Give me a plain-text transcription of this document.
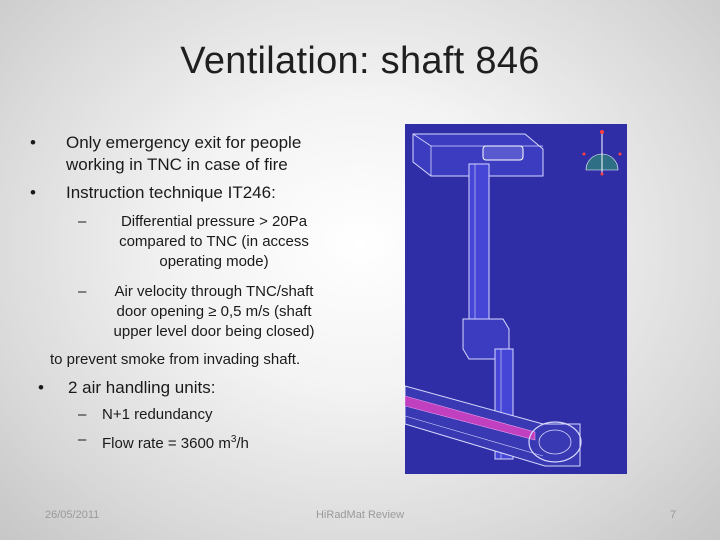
Ventilation: shaft 846
•	Only emergency exit for people working in TNC in case of fire
•	Instruction technique IT246:
–	Differential pressure > 20Pa compared to TNC (in access operating mode)
–	Air velocity through TNC/shaft door opening ≥ 0,5 m/s (shaft upper level door being closed)
to prevent smoke from invading shaft.
•	2 air handling units:
–	N+1 redundancy
–	Flow rate = 3600 $m^3/h$
26/05/2011	HiRadMat Review	7
